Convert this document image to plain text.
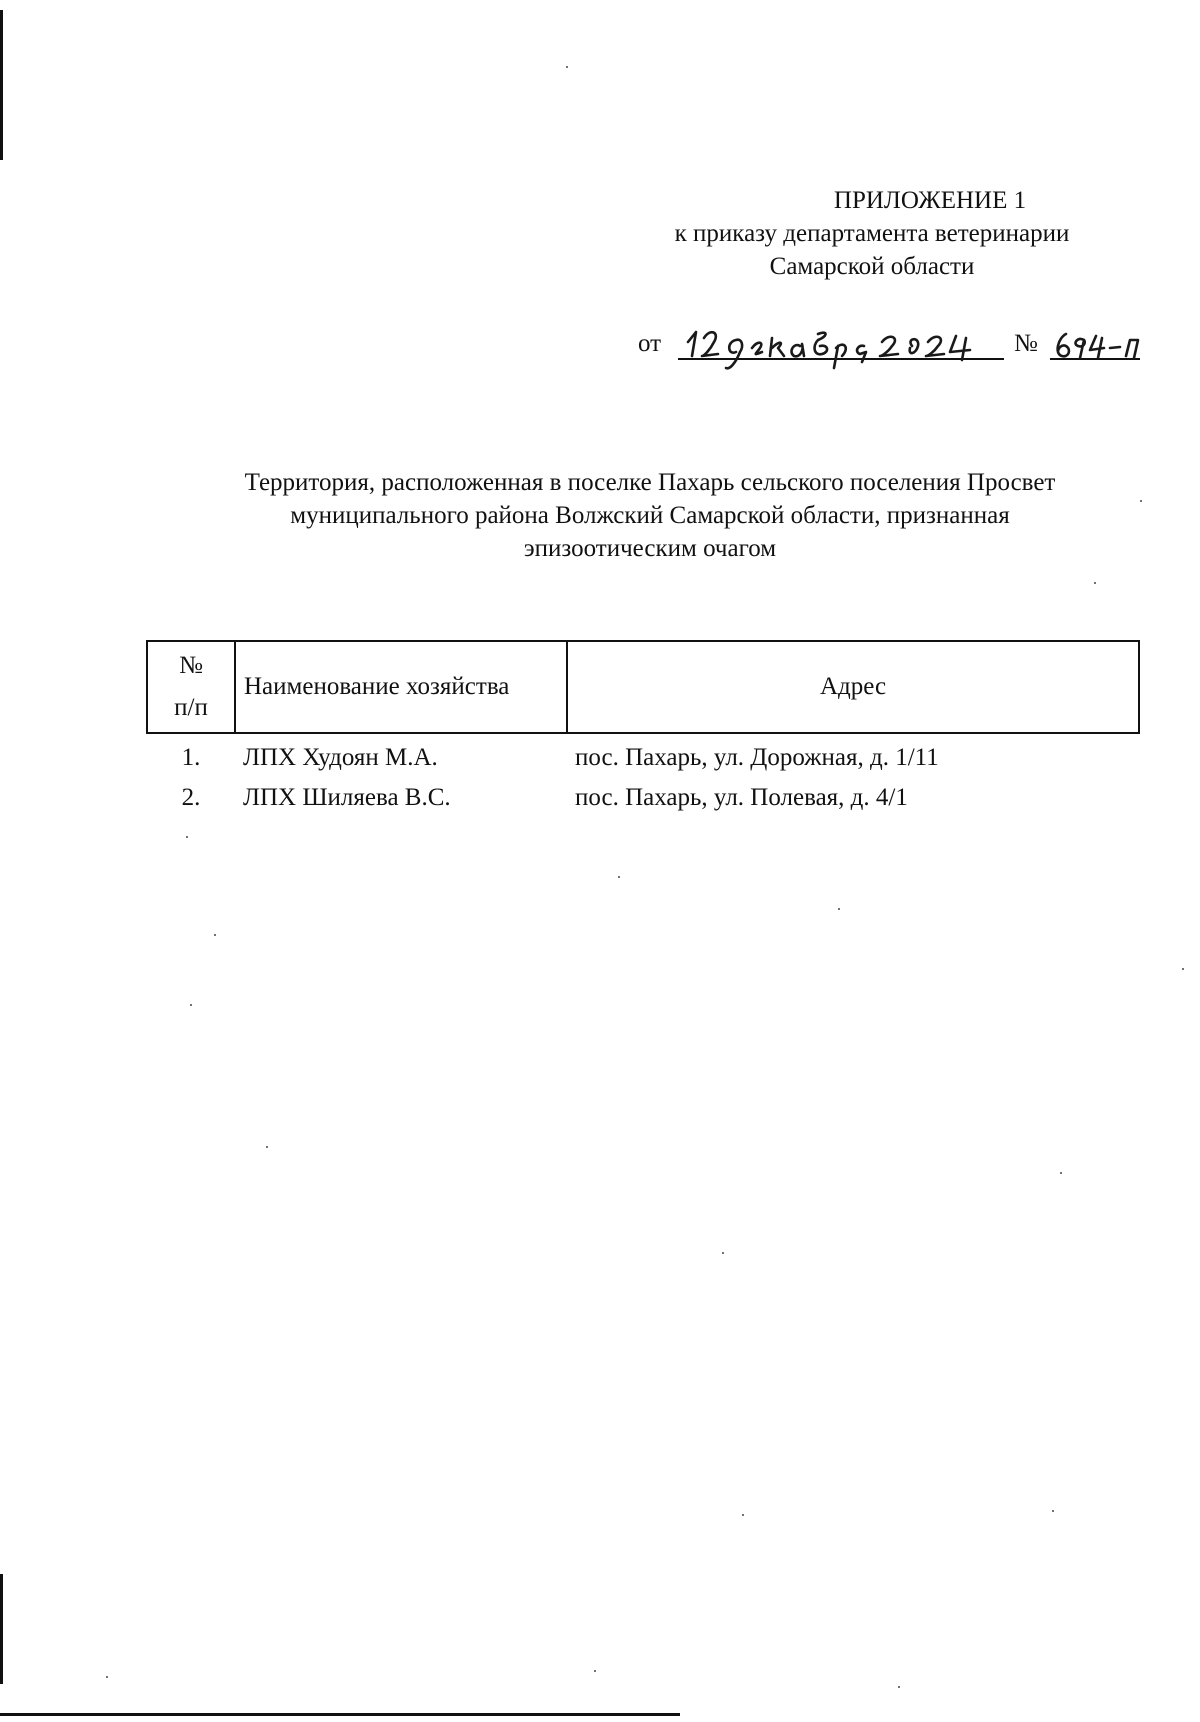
ПРИЛОЖЕНИЕ 1
к приказу департамента ветеринарии
Самарской области
от	№
Территория, расположенная в поселке Пахарь сельского поселения Просвет
муниципального района Волжский Самарской области, признанная
эпизоотическим очагом
№
п/п	Наименование хозяйства	Адрес
1.	ЛПХ Худоян М.А.	пос. Пахарь, ул. Дорожная, д. 1/11
2.	ЛПХ Шиляева В.С.	пос. Пахарь, ул. Полевая, д. 4/1
